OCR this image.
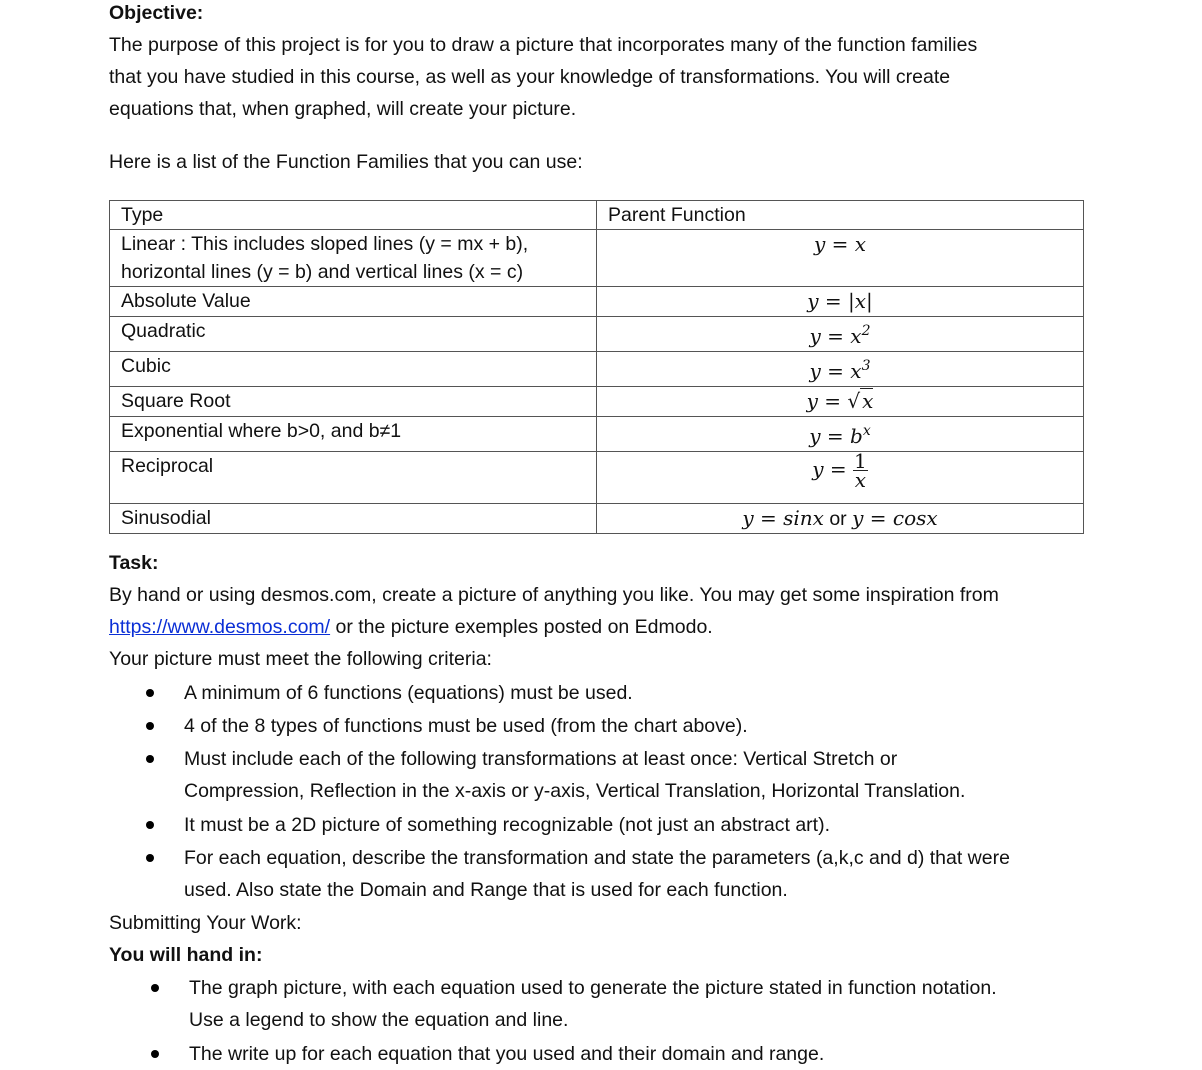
Objective:
The purpose of this project is for you to draw a picture that incorporates many of the function families
that you have studied in this course, as well as your knowledge of transformations. You will create
equations that, when graphed, will create your picture.
Here is a list of the Function Families that you can use:
Type	Parent Function

Linear : This includes sloped lines (y = mx + b),
horizontal lines (y = b) and vertical lines (x = c)	y = x
Absolute Value	y = |x|
Quadratic	$y = x^2$
Cubic	$y = x^3$
Square Root	y = √ x
Exponential where b>0, and b≠1	$y = b^x$
Reciprocal	$y = \frac{1}{x}$

Sinusodial	y = sinx or y = cosx
Task:
By hand or using desmos.com, create a picture of anything you like. You may get some inspiration from
https://www.desmos.com/ or the picture exemples posted on Edmodo.
Your picture must meet the following criteria:
A minimum of 6 functions (equations) must be used.
4 of the 8 types of functions must be used (from the chart above).
Must include each of the following transformations at least once: Vertical Stretch or
Compression, Reflection in the x-axis or y-axis, Vertical Translation, Horizontal Translation.
It must be a 2D picture of something recognizable (not just an abstract art).
For each equation, describe the transformation and state the parameters (a,k,c and d) that were
used. Also state the Domain and Range that is used for each function.
Submitting Your Work:
You will hand in:
The graph picture, with each equation used to generate the picture stated in function notation.
Use a legend to show the equation and line.
The write up for each equation that you used and their domain and range.
